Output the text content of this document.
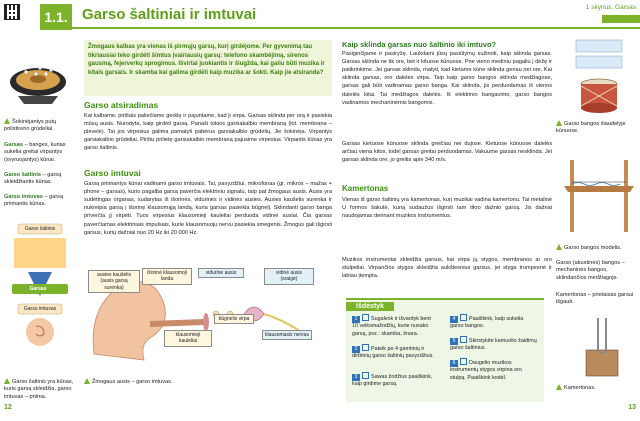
1.1. Garso šaltiniai ir imtuvai	1 skyrius. Garsas
Šokinėjantys putų polistireno grūdeliai.
Garsas – banges, kurias sukelia greitai virpantys (svyruojantys) kūnai.
Garso šaltinis – garsą skleidžiantis kūnas.
Garso imtuvas – garsą priimantis kūnas.
Garso šaltinis
Garsas
Garso imtuvas
Garso šaltinis yra kūnas, kuris garsą skleidžia, garso imtuvas – priima.
Žmogaus kalbas yra vienas iš pirmųjų garsų, kurį girdėjome. Per gyvenimą tau tikriausiai teko girdėti šimtus įvairiausių garsų: telefono skambėjimą, sirenos gausmą, fejerverkų sprogimus. Išvirtai juokiantis ir šiugžda, kai galiu būti muzika ir kitais garsais. Ir skamba kai galima girdėti kaip muzika ar šokti. Kaip jie atsiranda?
Garso atsiradimas
Kai kalbame, pirštais paliečiame gerklę ir pajuntame, kad ji virpa. Garsas sklinda per orą ir pasiekia mūsų ausis. Nurodyta, kaip girdėti garsą. Panaši tokios garsiakalbio membraną (lot. membrana – plėvelė). Tai jos virpesius galima pamatyti pabėrus garsiakalbio grūdelių. Jie šokinėja. Virpantys garsiakalbio grūdeliai. Pirštu prilietę garsiakalbio membraną pajusime virpesius. Virpantis kūnas yra garso šaltinis.
Garso imtuvai
Garsą priimantys kūnai vadinami garso imtuvais. Tai, pavyzdžiui, mikrofonas (gr. mikros – mažas + phone – garsas), kurio pagalba garsą paverčia elektriniu signalu, taip pat žmogaus ausis. Ausis yra sudėtingas organas, sudarytas iš išorinės, vidurinės ir vidinės ausies. Ausies kaušelis surenka ir nukreipia garsą į išorinę klausomąją landą, kuria garsas pasiekia būgnelį. Sklindanti garso banga priverčia jį virpėti. Tuos virpesius klausomieji kauleliai perduoda vidinei ausiai. Čia garsas paverčiamas elektriniais impulsais, kurie klausomuoju nervu pasiekia smegenis. Žmogus gali išgirsti garsus, kurių dažniai nuo 20 Hz iki 20 000 Hz.
ausies kaušelis (ausis garsą surenka)
išorinė klausomoji landa
vidurinė ausis	vidinė ausis (sraigė)
klausomieji kauleliai
būgnelis virpa
klausomasis nervas
Žmogaus ausis – garso imtuvas.
Kaip sklinda garsas nuo šaltinio iki imtuvo?
Pasiginčijame ir pasiryžę. Laukdami jūsų pasiūlymų sužinoti, kaip sklinda garsas. Garsas sklinda ne tik ore, bet ir kituose kūnuose. Prie vieno mediniu pagaliu į dėžę ir patikrinkime. Jei garsas sklinda, matyti, kad kietame kūne sklinda geriau nei ore. Kai sklinda garsas, oro dalelės virpa. Taip kaip garso bangos sklinda medžiagose, garsas gali būti vadinamas garso banga. Kai sklinda, jis perduodamas iš vienos dalelės kitai. Tai medžiagos dalelės. Iš elektrinio bangavimo, garso bangos vadinamos mechaninėmis bangomis.
Garsas kietuose kūnuose sklinda greičiau nei dujose. Kietuose kūnuose dalelės arčiau viena kitos, todėl garsas greitai perduodamas. Vakuume garsas nesklinda. Jei garsas sklinda ore, jo greitis apie 340 m/s.
Kamertonas
Vienas iš garso šaltinių yra kamertonas, kurį muzikai vadina kamertonu. Tai metalinė U formos šakutė, kurią sudaužus išgirsti tam tikro dažnio garsą. Jis dažnai naudojamas derinant muzikos instrumentus.
Muzikos instrumentai skleidžia garsus, kai virpa jų stygos, membranos ar oro stulpeliai. Virpančios stygos skleidžia aukštesnius garsus, jei styga trumpesnė ir labiau įtempta.
Išdėstyk
1	Sugalvok ir išvardyk bent 10 veiksmažodžių, kurie nusako garsą, pvz.: skamba, šnara.
2	Pateik po 4 gamtinių ir dirbtinių garso šaltinių pavyzdžius.
3	Sawas žodžius paaiškink, kaip girdime garsą.
4	Paaiškink, kaip sukelia garso bangos.
5	Skirstykite kamuolio žaidimų garso šaltinius.
6	Daugelio muzikos instrumentų stygos virpina oro stulpą. Paaiškink kodėl.
Garso bangos šiaudelyje kūnuose.
Garso bangos modelis.
Garso (akustinės) bangos – mechaninės bangos, sklindančios medžiagoje.
Kamertonas – prietaisas garsui išgauti.
Kamertonas.
12	13
